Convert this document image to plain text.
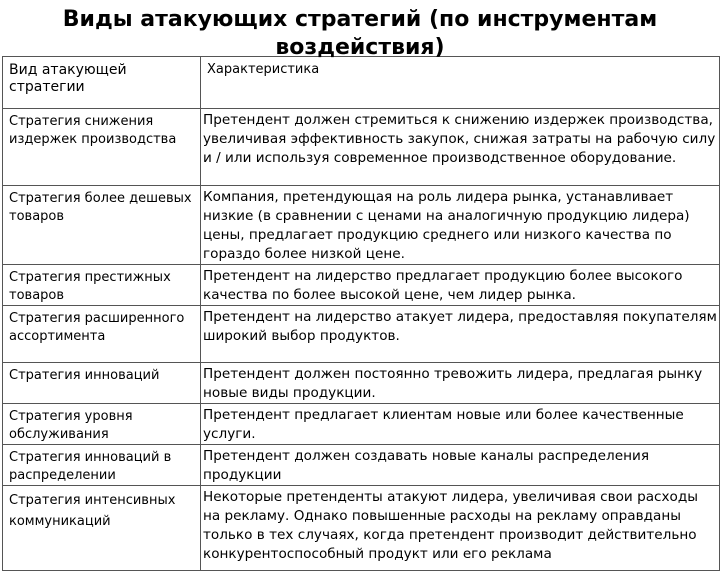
Виды атакующих стратегий (по инструментам воздействия)
Вид атакующей стратегии	Характеристика
Стратегия снижения издержек производства	Претендент должен стремиться к снижению издержек производства, увеличивая эффективность закупок, снижая затраты на рабочую силу и / или используя современное производственное оборудование.
Стратегия более дешевых товаров	Компания, претендующая на роль лидера рынка, устанавливает низкие (в сравнении с ценами на аналогичную продукцию лидера) цены, предлагает продукцию среднего или низкого качества по гораздо более низкой цене.
Стратегия престижных товаров	Претендент на лидерство предлагает продукцию более высокого качества по более высокой цене, чем лидер рынка.
Стратегия расширенного ассортимента	Претендент на лидерство атакует лидера, предоставляя покупателям широкий выбор продуктов.
Стратегия инноваций	Претендент должен постоянно тревожить лидера, предлагая рынку новые виды продукции.
Стратегия уровня обслуживания	Претендент предлагает клиентам новые или более качественные услуги.
Стратегия инноваций в распределении	Претендент должен создавать новые каналы распределения продукции
Стратегия интенсивных коммуникаций	Некоторые претенденты атакуют лидера, увеличивая свои расходы на рекламу. Однако повышенные расходы на рекламу оправданы только в тех случаях, когда претендент производит действительно конкурентоспособный продукт или его реклама
